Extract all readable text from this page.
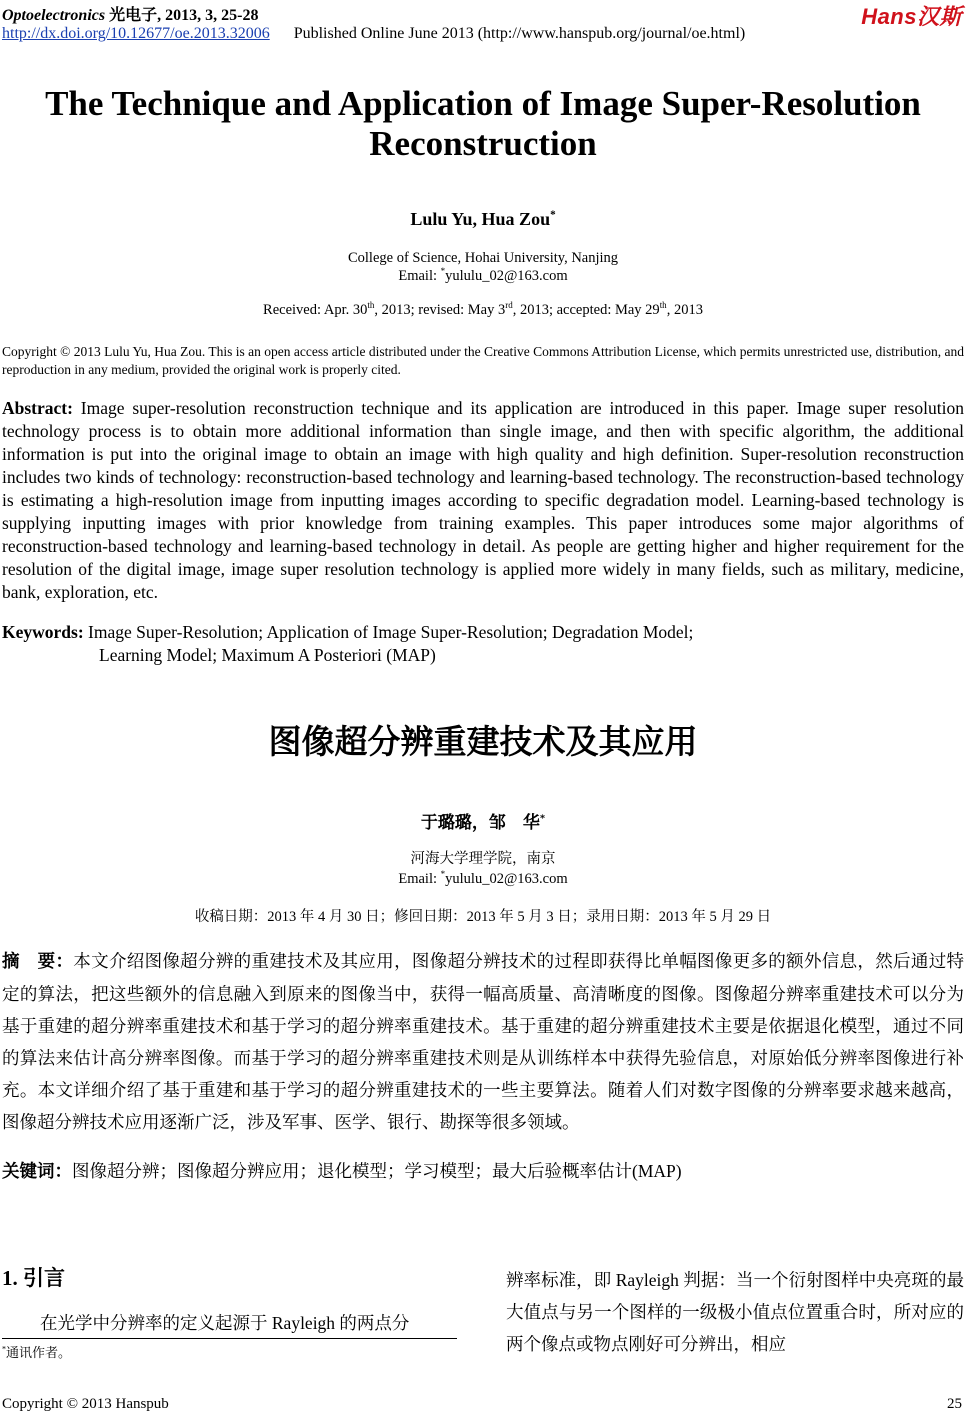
Optoelectronics 光电子, 2013, 3, 25-28
http://dx.doi.org/10.12677/oe.2013.32006 Published Online June 2013 (http://www.hanspub.org/journal/oe.html)
Hans汉斯
The Technique and Application of Image Super-Resolution Reconstruction
Lulu Yu, Hua Zou*
College of Science, Hohai University, Nanjing
Email: *yululu_02@163.com
Received: Apr. 30th, 2013; revised: May 3rd, 2013; accepted: May 29th, 2013
Copyright © 2013 Lulu Yu, Hua Zou. This is an open access article distributed under the Creative Commons Attribution License, which permits unrestricted use, distribution, and reproduction in any medium, provided the original work is properly cited.
Abstract: Image super-resolution reconstruction technique and its application are introduced in this paper. Image super resolution technology process is to obtain more additional information than single image, and then with specific algorithm, the additional information is put into the original image to obtain an image with high quality and high definition. Super-resolution reconstruction includes two kinds of technology: reconstruction-based technology and learning-based technology. The reconstruction-based technology is estimating a high-resolution image from inputting images according to specific degradation model. Learning-based technology is supplying inputting images with prior knowledge from training examples. This paper introduces some major algorithms of reconstruction-based technology and learning-based technology in detail. As people are getting higher and higher requirement for the resolution of the digital image, image super resolution technology is applied more widely in many fields, such as military, medicine, bank, exploration, etc.
Keywords: Image Super-Resolution; Application of Image Super-Resolution; Degradation Model;
Learning Model; Maximum A Posteriori (MAP)
图像超分辨重建技术及其应用
于璐璐，邹　华*
河海大学理学院，南京
Email: *yululu_02@163.com
收稿日期：2013 年 4 月 30 日；修回日期：2013 年 5 月 3 日；录用日期：2013 年 5 月 29 日
摘　要：本文介绍图像超分辨的重建技术及其应用，图像超分辨技术的过程即获得比单幅图像更多的额外信息，然后通过特定的算法，把这些额外的信息融入到原来的图像当中，获得一幅高质量、高清晰度的图像。图像超分辨率重建技术可以分为基于重建的超分辨率重建技术和基于学习的超分辨率重建技术。基于重建的超分辨重建技术主要是依据退化模型，通过不同的算法来估计高分辨率图像。而基于学习的超分辨率重建技术则是从训练样本中获得先验信息，对原始低分辨率图像进行补充。本文详细介绍了基于重建和基于学习的超分辨重建技术的一些主要算法。随着人们对数字图像的分辨率要求越来越高，图像超分辨技术应用逐渐广泛，涉及军事、医学、银行、勘探等很多领域。
关键词：图像超分辨；图像超分辨应用；退化模型；学习模型；最大后验概率估计(MAP)
1. 引言
在光学中分辨率的定义起源于 Rayleigh 的两点分
*通讯作者。
辨率标准，即 Rayleigh 判据：当一个衍射图样中央亮斑的最大值点与另一个图样的一级极小值点位置重合时，所对应的两个像点或物点刚好可分辨出，相应
Copyright © 2013 Hanspub	25
